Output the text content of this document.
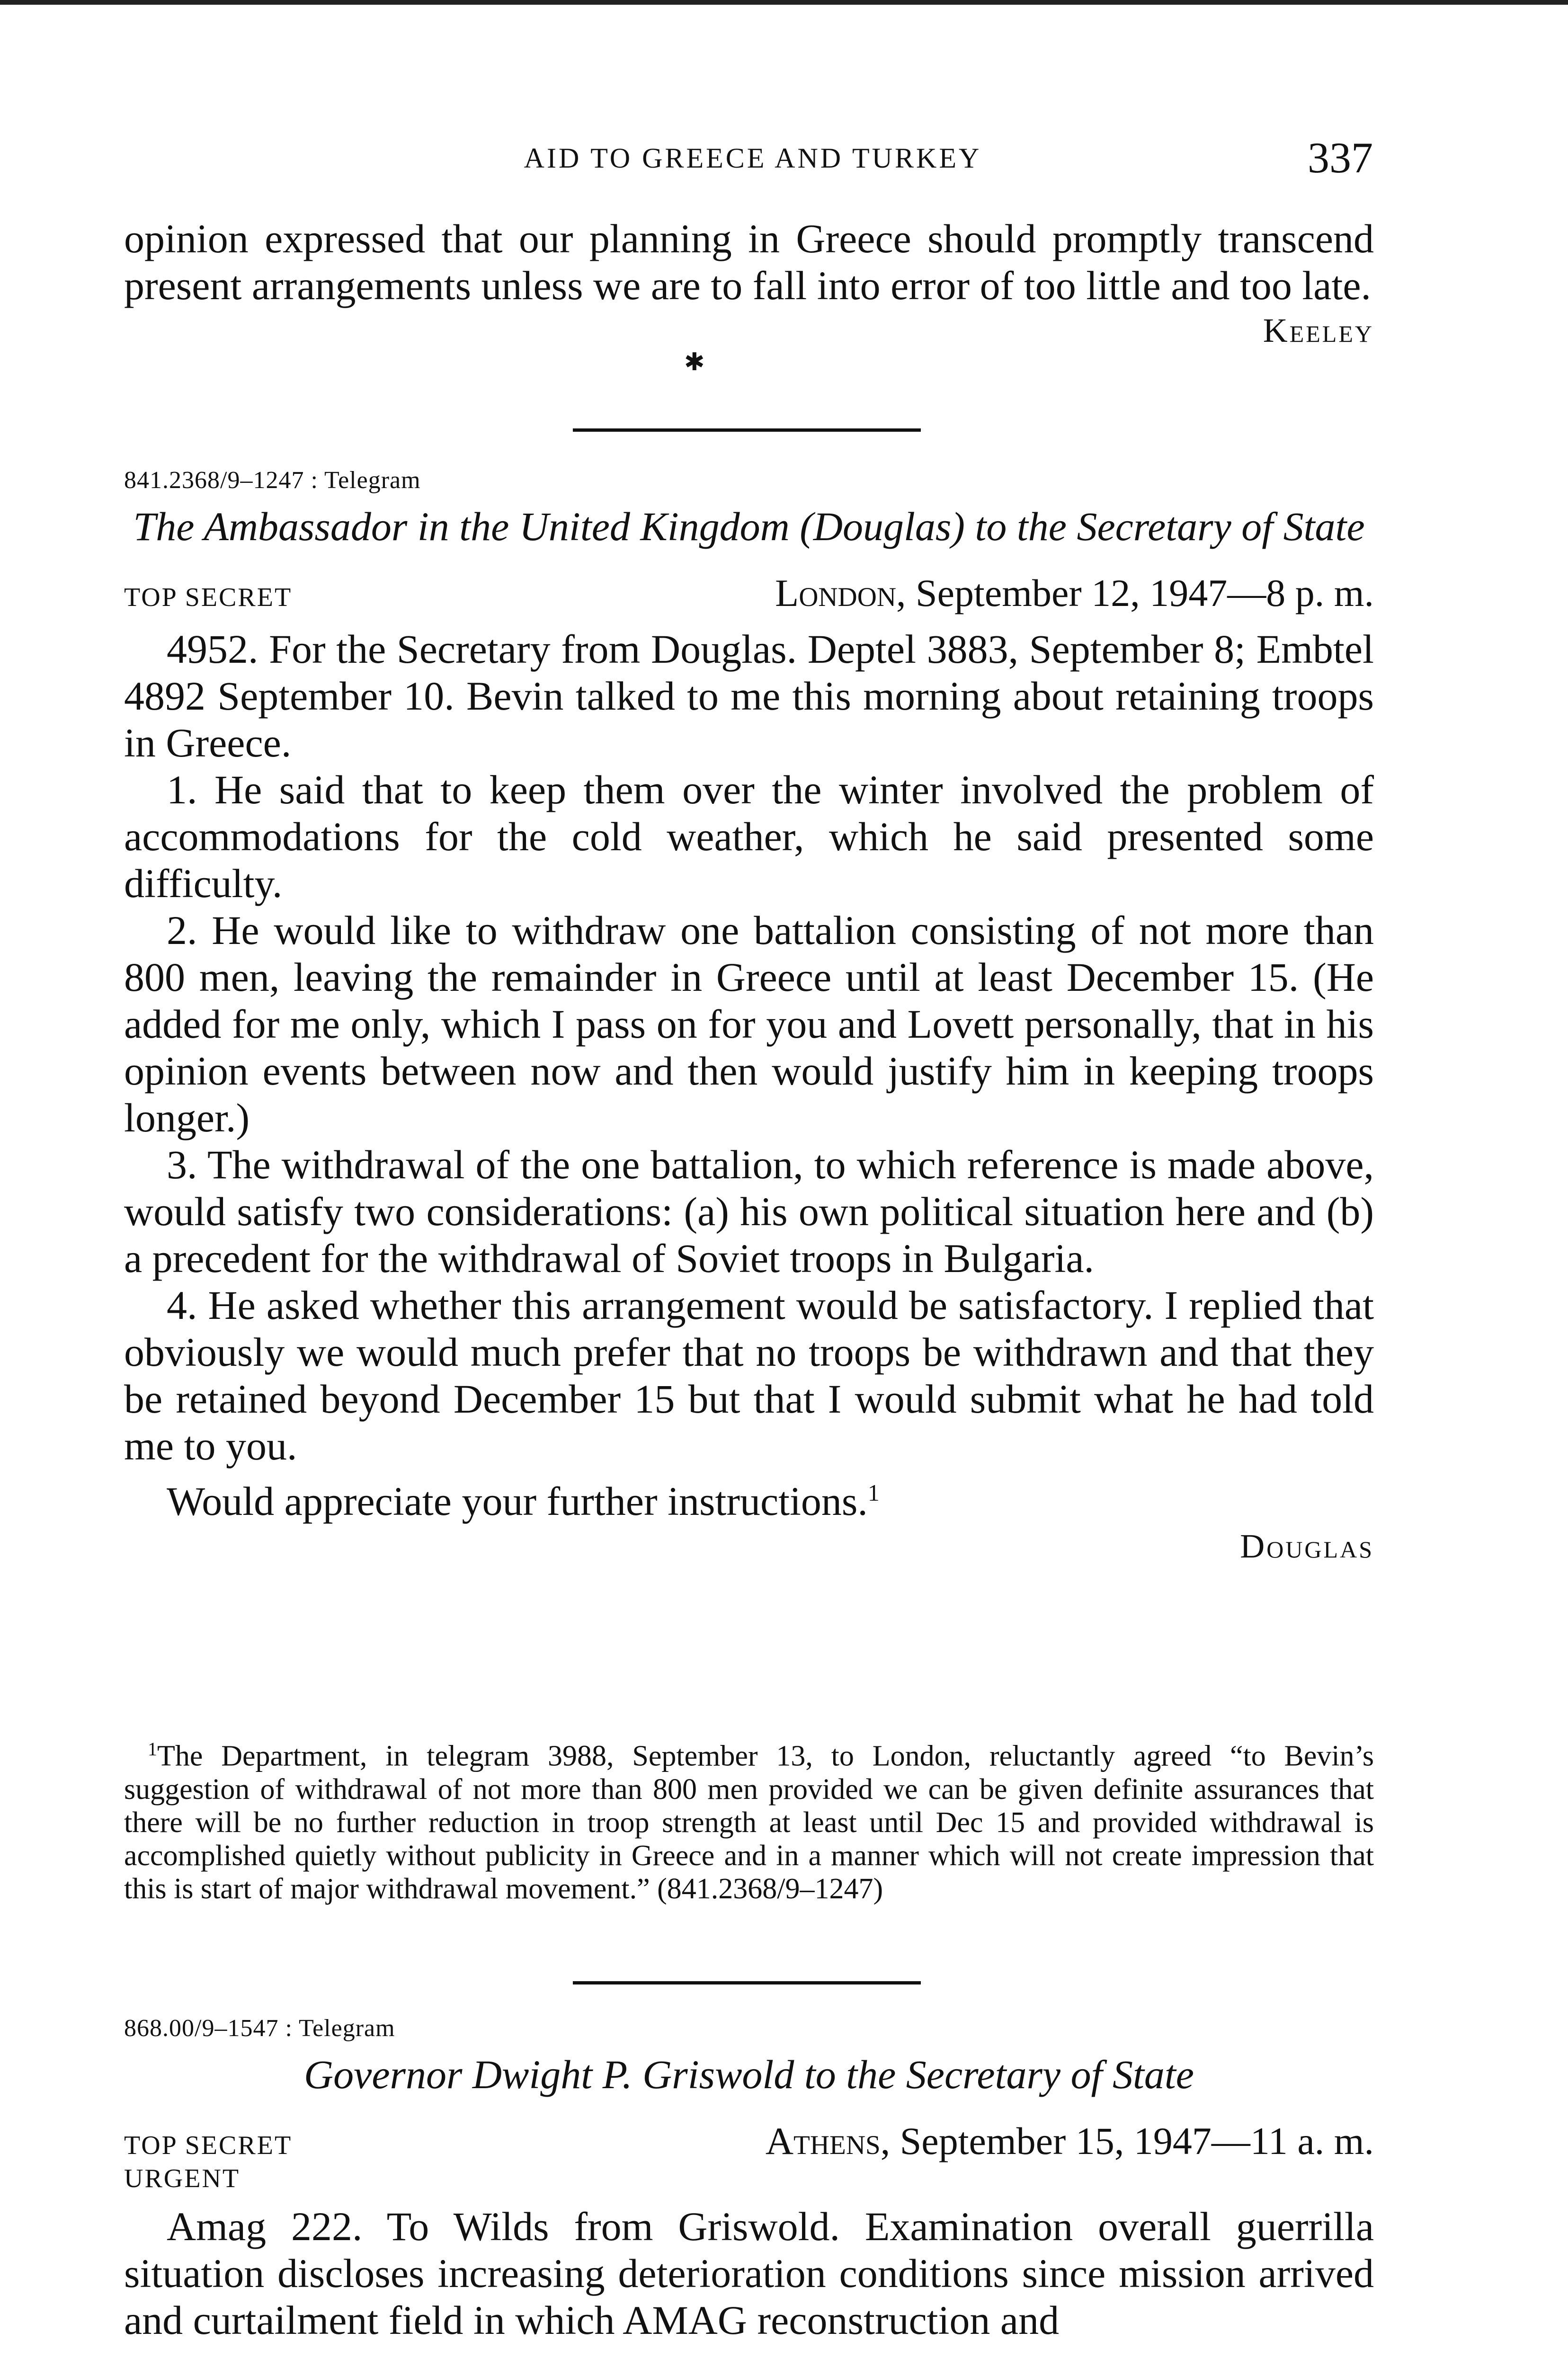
AID TO GREECE AND TURKEY	337

opinion expressed that our planning in Greece should promptly transcend present arrangements unless we are to fall into error of too little and too late.

Keeley
✱
841.2368/9–1247 : Telegram
The Ambassador in the United Kingdom (Douglas) to the Secretary of State
TOP SECRET	London, September 12, 1947—8 p. m.

4952. For the Secretary from Douglas. Deptel 3883, September 8; Embtel 4892 September 10. Bevin talked to me this morning about retaining troops in Greece.

1. He said that to keep them over the winter involved the problem of accommodations for the cold weather, which he said presented some difficulty.

2. He would like to withdraw one battalion consisting of not more than 800 men, leaving the remainder in Greece until at least December 15. (He added for me only, which I pass on for you and Lovett personally, that in his opinion events between now and then would justify him in keeping troops longer.)

3. The withdrawal of the one battalion, to which reference is made above, would satisfy two considerations: (a) his own political situation here and (b) a precedent for the withdrawal of Soviet troops in Bulgaria.

4. He asked whether this arrangement would be satisfactory. I replied that obviously we would much prefer that no troops be withdrawn and that they be retained beyond December 15 but that I would submit what he had told me to you.

Would appreciate your further instructions.$^1$

Douglas
$^1$The Department, in telegram 3988, September 13, to London, reluctantly agreed “to Bevin’s suggestion of withdrawal of not more than 800 men provided we can be given definite assurances that there will be no further reduction in troop strength at least until Dec 15 and provided withdrawal is accomplished quietly without publicity in Greece and in a manner which will not create impression that this is start of major withdrawal movement.” (841.2368/9–1247)
868.00/9–1547 : Telegram
Governor Dwight P. Griswold to the Secretary of State
TOP SECRET	Athens, September 15, 1947—11 a. m.
URGENT

Amag 222. To Wilds from Griswold. Examination overall guerrilla situation discloses increasing deterioration conditions since mission arrived and curtailment field in which AMAG reconstruction and
